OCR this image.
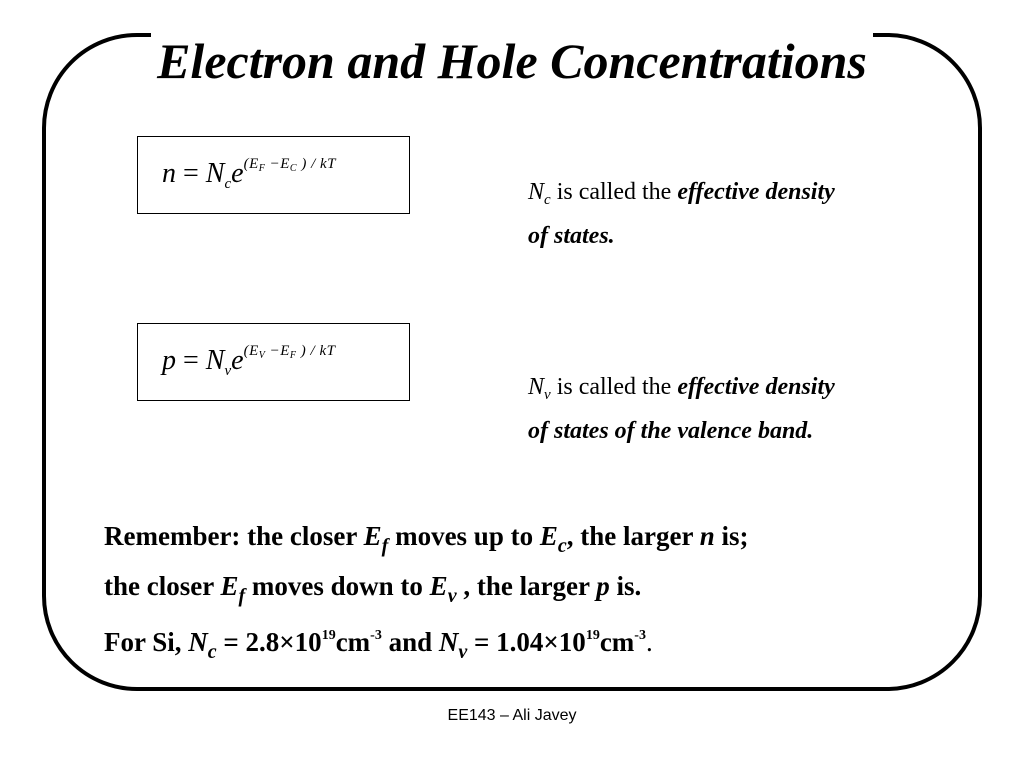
Electron and Hole Concentrations
$n = N_ce^{(E_F -E_C ) / kT}$
$p = N_ve^{(E_V -E_F ) / kT}$
$N_c$ is called the effective density of states.
$N_v$ is called the effective density of states of the valence band.
Remember: the closer $E_f$ moves up to $E_c$, the larger n is;
the closer $E_f$ moves down to $E_v$ , the larger p is.
For Si, $N_c = 2.8\times 10^{19}cm^{-3}$ and $N_v = 1.04\times 10^{19}cm^{-3}$.
EE143 – Ali Javey
